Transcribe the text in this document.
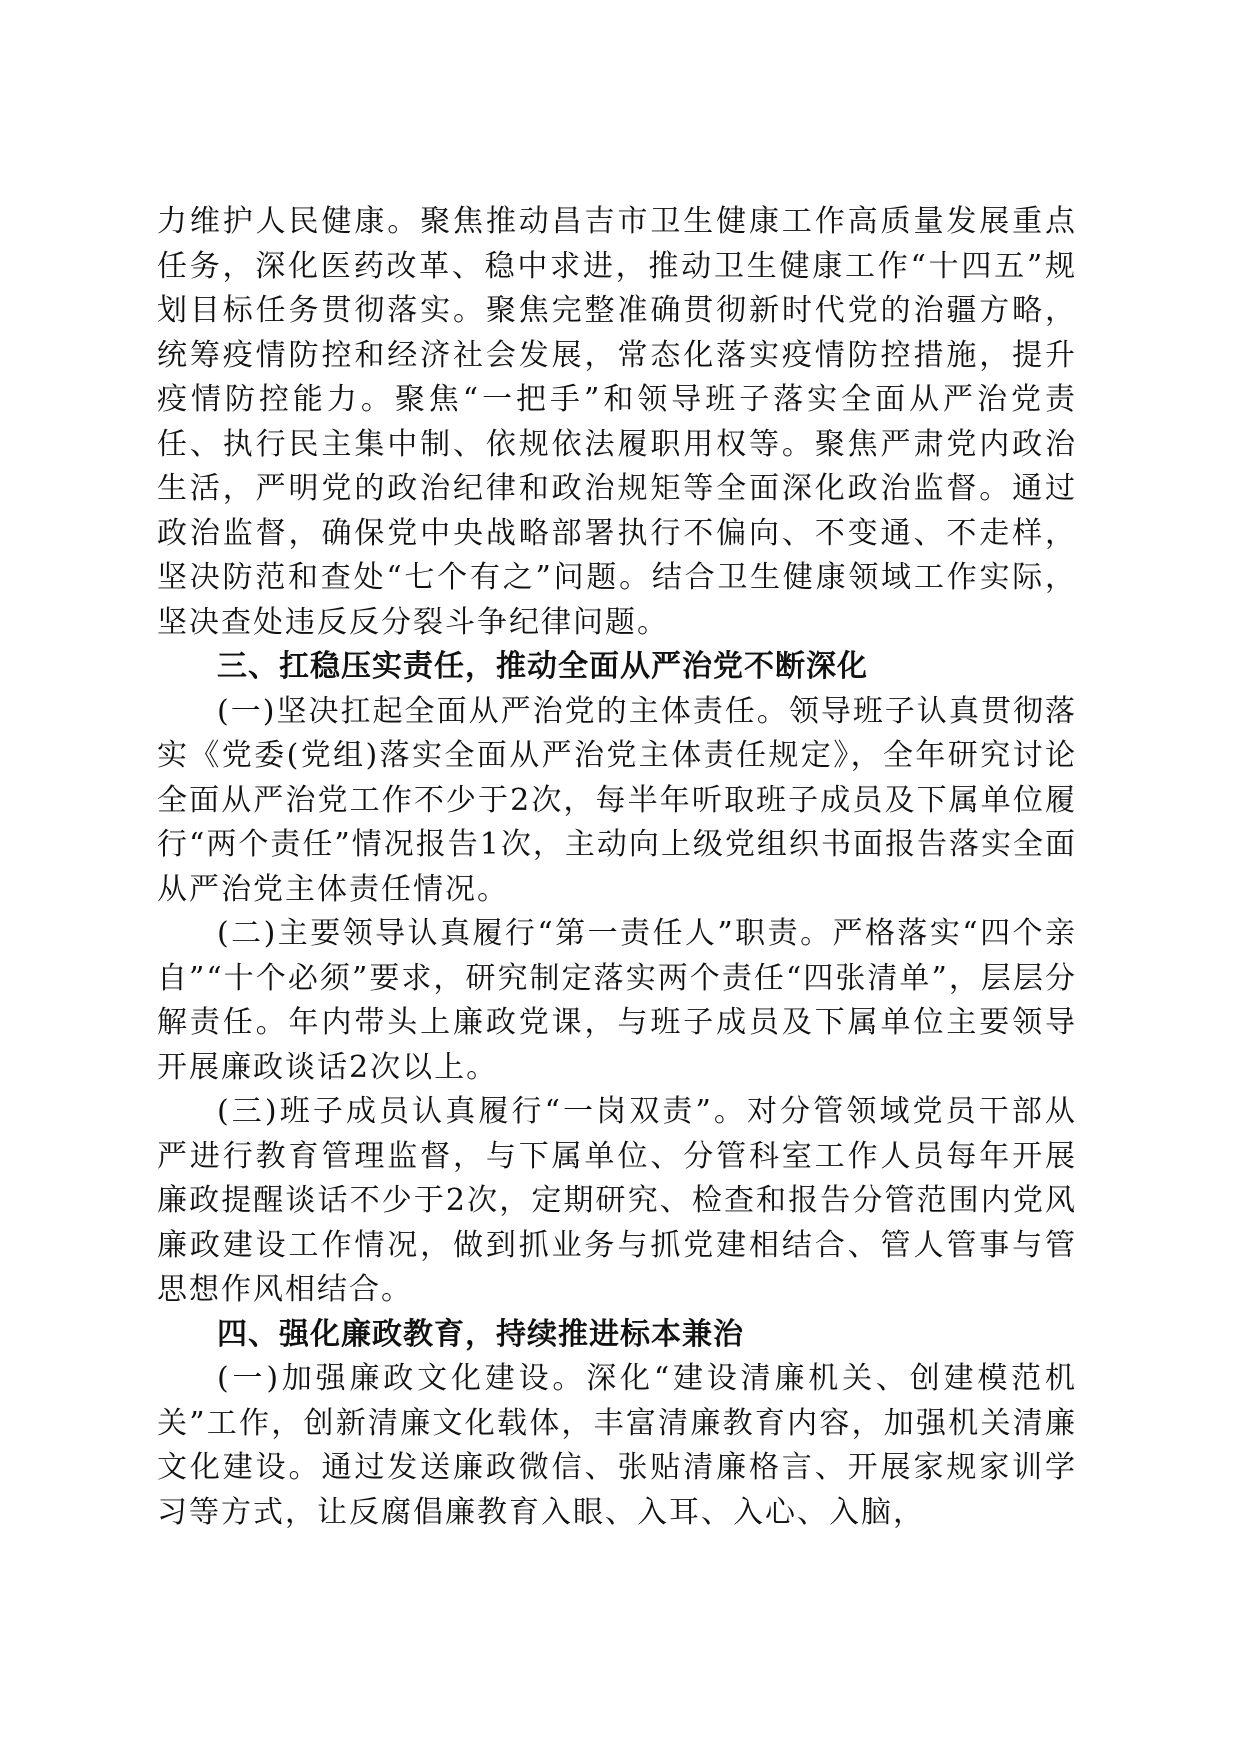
力维护人民健康。聚焦推动昌吉市卫生健康工作高质量发展重点任务，深化医药改革、稳中求进，推动卫生健康工作“十四五”规划目标任务贯彻落实。聚焦完整准确贯彻新时代党的治疆方略，统筹疫情防控和经济社会发展，常态化落实疫情防控措施，提升疫情防控能力。聚焦“一把手”和领导班子落实全面从严治党责任、执行民主集中制、依规依法履职用权等。聚焦严肃党内政治生活，严明党的政治纪律和政治规矩等全面深化政治监督。通过政治监督，确保党中央战略部署执行不偏向、不变通、不走样，坚决防范和查处“七个有之”问题。结合卫生健康领域工作实际，坚决查处违反反分裂斗争纪律问题。

三、扛稳压实责任，推动全面从严治党不断深化

(一)坚决扛起全面从严治党的主体责任。领导班子认真贯彻落实《党委(党组)落实全面从严治党主体责任规定》，全年研究讨论全面从严治党工作不少于2次，每半年听取班子成员及下属单位履行“两个责任”情况报告1次，主动向上级党组织书面报告落实全面从严治党主体责任情况。

(二)主要领导认真履行“第一责任人”职责。严格落实“四个亲自”“十个必须”要求，研究制定落实两个责任“四张清单”，层层分解责任。年内带头上廉政党课，与班子成员及下属单位主要领导开展廉政谈话2次以上。

(三)班子成员认真履行“一岗双责”。对分管领域党员干部从严进行教育管理监督，与下属单位、分管科室工作人员每年开展廉政提醒谈话不少于2次，定期研究、检查和报告分管范围内党风廉政建设工作情况，做到抓业务与抓党建相结合、管人管事与管思想作风相结合。

四、强化廉政教育，持续推进标本兼治

(一)加强廉政文化建设。深化“建设清廉机关、创建模范机关”工作，创新清廉文化载体，丰富清廉教育内容，加强机关清廉文化建设。通过发送廉政微信、张贴清廉格言、开展家规家训学习等方式，让反腐倡廉教育入眼、入耳、入心、入脑，
